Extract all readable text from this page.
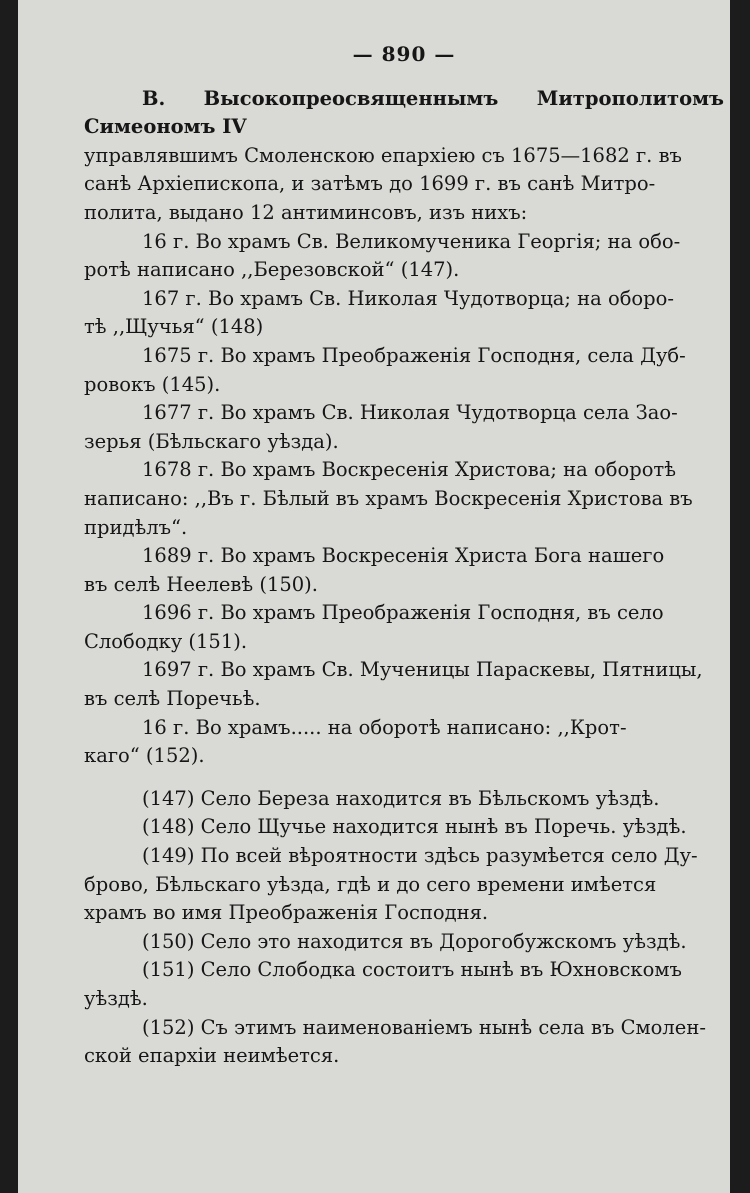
— 890 —
B. Высокопреосвященнымъ Митрополитомъ Симеономъ IV
управлявшимъ Смоленскою епархіею съ 1675—1682 г. въ
санѣ Архіепископа, и затѣмъ до 1699 г. въ санѣ Митро-
полита, выдано 12 антиминсовъ, изъ нихъ:
16 г. Во храмъ Св. Великомученика Георгія; на обо-
ротѣ написано ,,Березовской“ (147).
167 г. Во храмъ Св. Николая Чудотворца; на оборо-
тѣ ,,Щучья“ (148)
1675 г. Во храмъ Преображенія Господня, села Дуб-
ровокъ (145).
1677 г. Во храмъ Св. Николая Чудотворца села Зао-
зерья (Бѣльскаго уѣзда).
1678 г. Во храмъ Воскресенія Христова; на оборотѣ
написано: ,,Въ г. Бѣлый въ храмъ Воскресенія Христова въ
придѣлъ“.
1689 г. Во храмъ Воскресенія Христа Бога нашего
въ селѣ Неелевѣ (150).
1696 г. Во храмъ Преображенія Господня, въ село
Слободку (151).
1697 г. Во храмъ Св. Мученицы Параскевы, Пятницы,
въ селѣ Поречьѣ.
16 г. Во храмъ..... на оборотѣ написано: ,,Крот-
каго“ (152).
(147) Село Береза находится въ Бѣльскомъ уѣздѣ.
(148) Село Щучье находится нынѣ въ Поречь. уѣздѣ.
(149) По всей вѣроятности здѣсь разумѣется село Ду-
брово, Бѣльскаго уѣзда, гдѣ и до сего времени имѣется
храмъ во имя Преображенія Господня.
(150) Село это находится въ Дорогобужскомъ уѣздѣ.
(151) Село Слободка состоитъ нынѣ въ Юхновскомъ
уѣздѣ.
(152) Съ этимъ наименованіемъ нынѣ села въ Смолен-
ской епархіи неимѣется.
